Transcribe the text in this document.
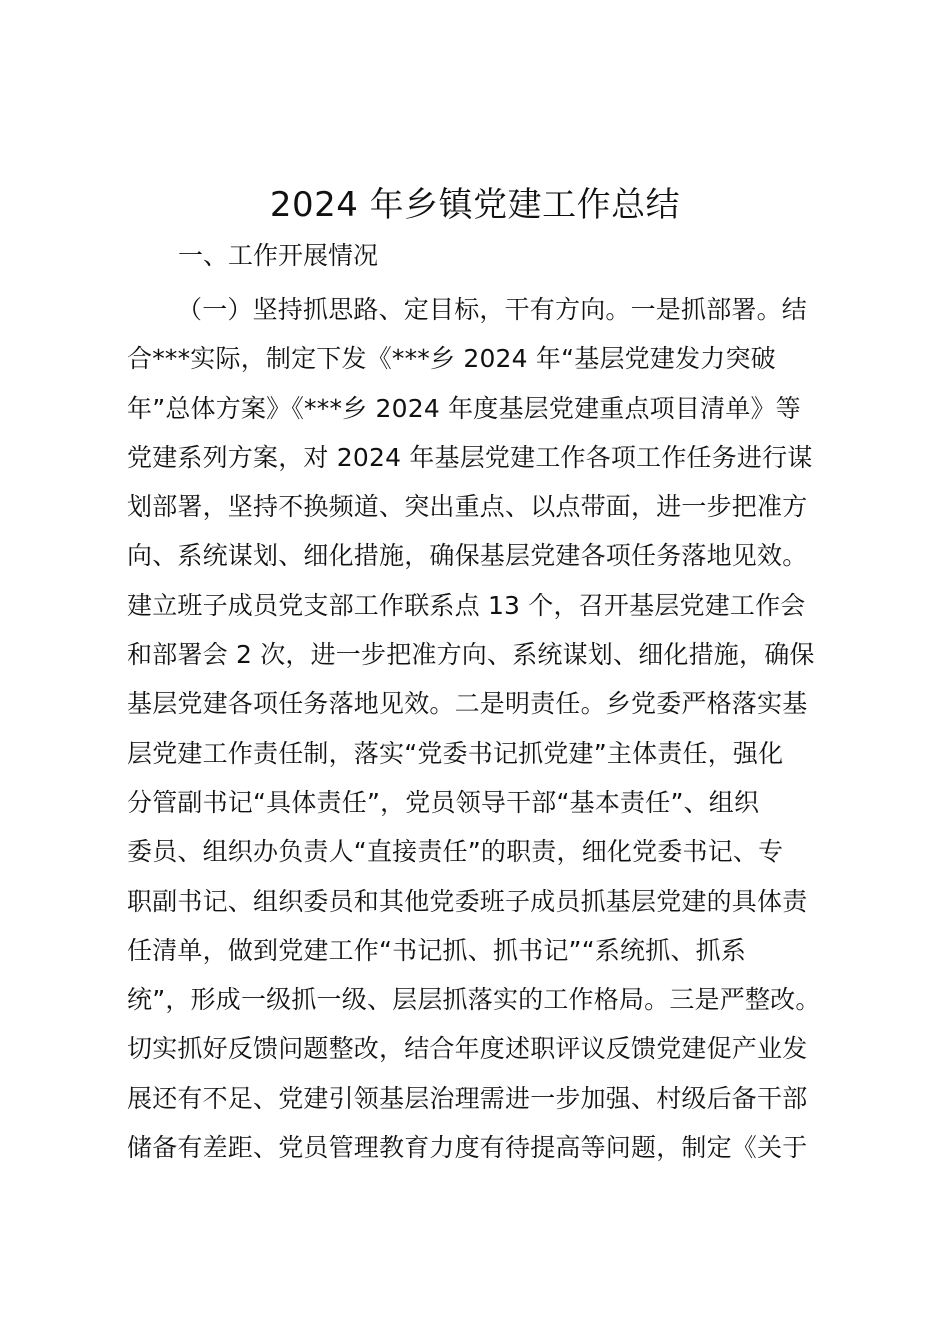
2024 年乡镇党建工作总结

一、工作开展情况

（一）坚持抓思路、定目标，干有方向。一是抓部署。结
合***实际，制定下发《***乡 2024 年“基层党建发力突破
年”总体方案》《***乡 2024 年度基层党建重点项目清单》等
党建系列方案，对 2024 年基层党建工作各项工作任务进行谋
划部署，坚持不换频道、突出重点、以点带面，进一步把准方
向、系统谋划、细化措施，确保基层党建各项任务落地见效。
建立班子成员党支部工作联系点 13 个，召开基层党建工作会
和部署会 2 次，进一步把准方向、系统谋划、细化措施，确保
基层党建各项任务落地见效。二是明责任。乡党委严格落实基
层党建工作责任制，落实“党委书记抓党建”主体责任，强化
分管副书记“具体责任”，党员领导干部“基本责任”、组织
委员、组织办负责人“直接责任”的职责，细化党委书记、专
职副书记、组织委员和其他党委班子成员抓基层党建的具体责
任清单，做到党建工作“书记抓、抓书记”“系统抓、抓系
统”，形成一级抓一级、层层抓落实的工作格局。三是严整改。
切实抓好反馈问题整改，结合年度述职评议反馈党建促产业发
展还有不足、党建引领基层治理需进一步加强、村级后备干部
储备有差距、党员管理教育力度有待提高等问题，制定《关于
